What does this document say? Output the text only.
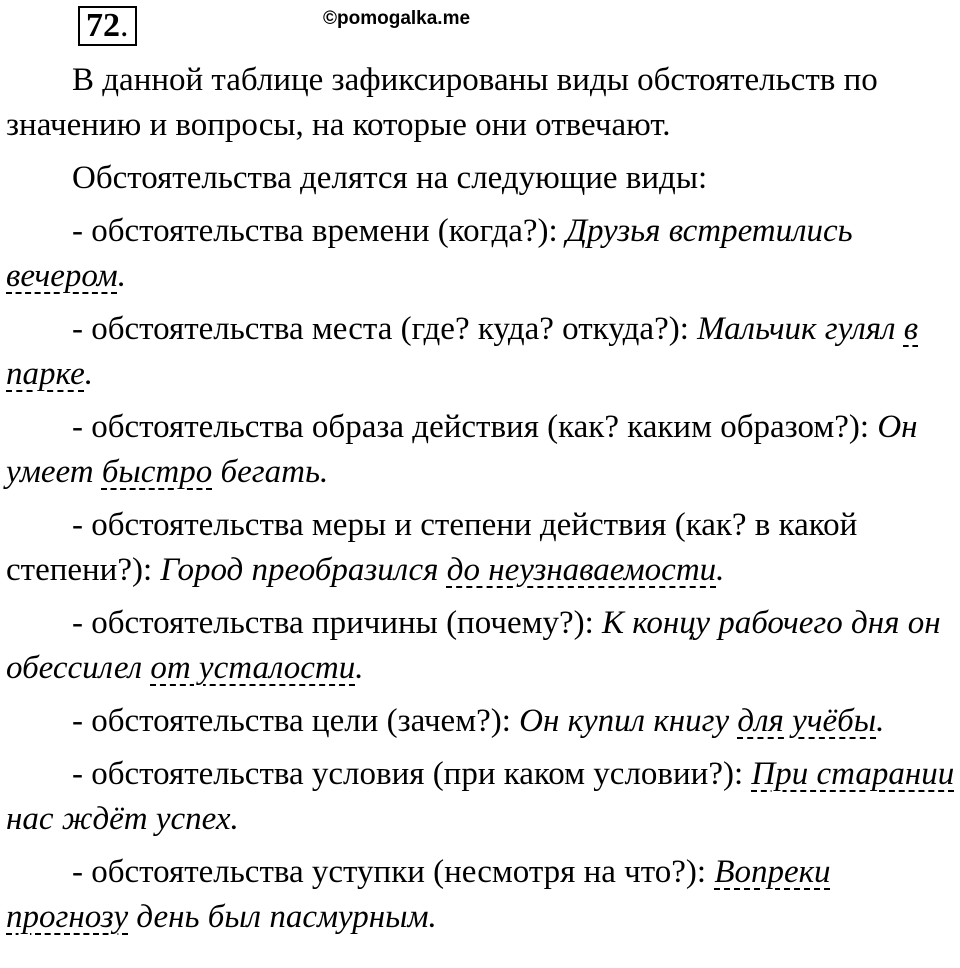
72.	©pomogalka.me

В данной таблице зафиксированы виды обстоятельств по значению и вопросы, на которые они отвечают.

Обстоятельства делятся на следующие виды:

- обстоятельства времени (когда?): Друзья встретились вечером.

- обстоятельства места (где? куда? откуда?): Мальчик гулял в парке.

- обстоятельства образа действия (как? каким образом?): Он умеет быстро бегать.

- обстоятельства меры и степени действия (как? в какой степени?): Город преобразился до неузнаваемости.

- обстоятельства причины (почему?): К концу рабочего дня он обессилел от усталости.

- обстоятельства цели (зачем?): Он купил книгу для учёбы.

- обстоятельства условия (при каком условии?): При старании нас ждёт успех.

- обстоятельства уступки (несмотря на что?): Вопреки прогнозу день был пасмурным.
